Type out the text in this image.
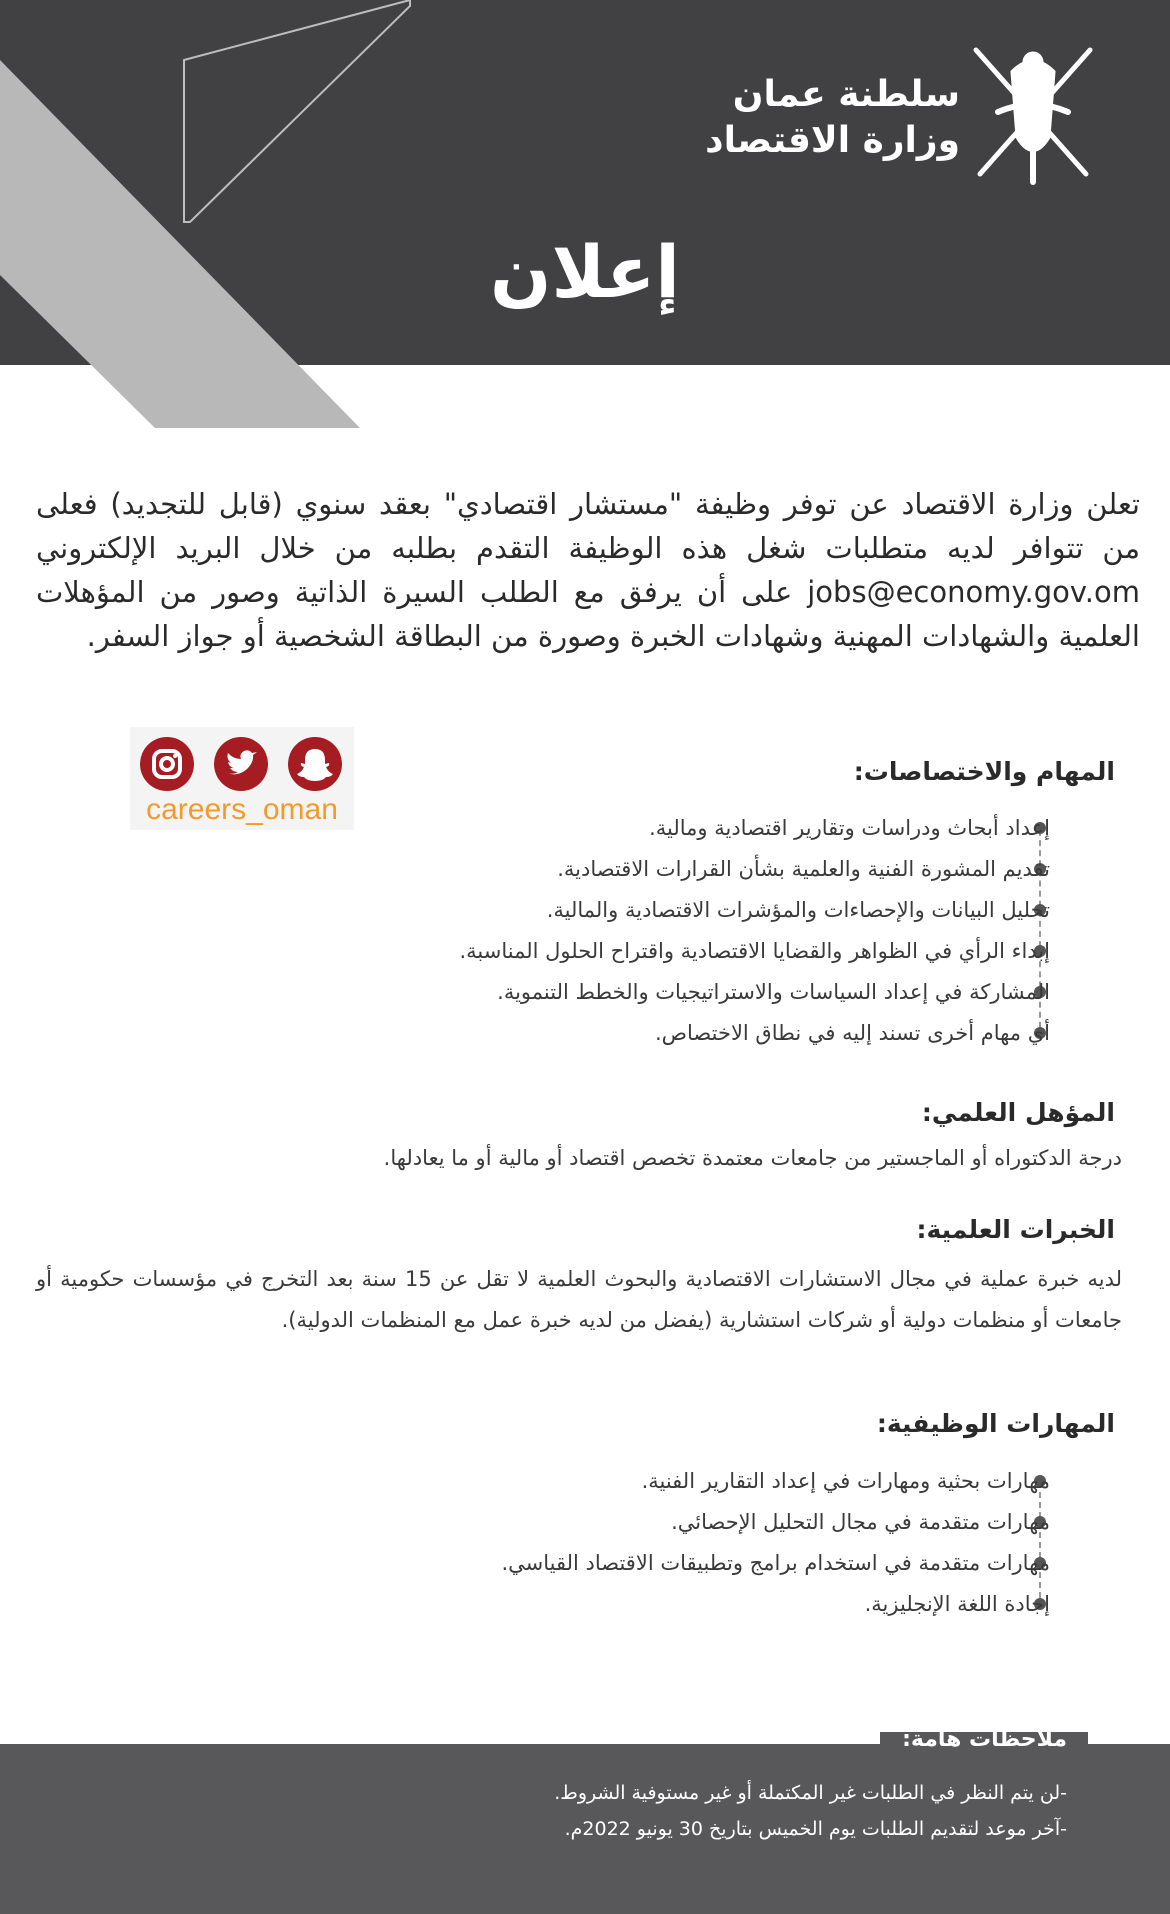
سلطنة عمان
وزارة الاقتصاد
إعلان

تعلن وزارة الاقتصاد عن توفر وظيفة "مستشار اقتصادي" بعقد سنوي (قابل للتجديد) فعلى من تتوافر لديه متطلبات شغل هذه الوظيفة التقدم بطلبه من خلال البريد الإلكتروني jobs@economy.gov.om على أن يرفق مع الطلب السيرة الذاتية وصور من المؤهلات العلمية والشهادات المهنية وشهادات الخبرة وصورة من البطاقة الشخصية أو جواز السفر.

careers_oman
المهام والاختصاصات:
إعداد أبحاث ودراسات وتقارير اقتصادية ومالية.
تقديم المشورة الفنية والعلمية بشأن القرارات الاقتصادية.
تحليل البيانات والإحصاءات والمؤشرات الاقتصادية والمالية.
إبداء الرأي في الظواهر والقضايا الاقتصادية واقتراح الحلول المناسبة.
المشاركة في إعداد السياسات والاستراتيجيات والخطط التنموية.
أي مهام أخرى تسند إليه في نطاق الاختصاص.
المؤهل العلمي:

درجة الدكتوراه أو الماجستير من جامعات معتمدة تخصص اقتصاد أو مالية أو ما يعادلها.

الخبرات العلمية:

لديه خبرة عملية في مجال الاستشارات الاقتصادية والبحوث العلمية لا تقل عن 15 سنة بعد التخرج في مؤسسات حكومية أو جامعات أو منظمات دولية أو شركات استشارية (يفضل من لديه خبرة عمل مع المنظمات الدولية).

المهارات الوظيفية:
مهارات بحثية ومهارات في إعداد التقارير الفنية.
مهارات متقدمة في مجال التحليل الإحصائي.
مهارات متقدمة في استخدام برامج وتطبيقات الاقتصاد القياسي.
إجادة اللغة الإنجليزية.
ملاحظات هامة:
-لن يتم النظر في الطلبات غير المكتملة أو غير مستوفية الشروط.
-آخر موعد لتقديم الطلبات يوم الخميس بتاريخ 30 يونيو 2022م.
